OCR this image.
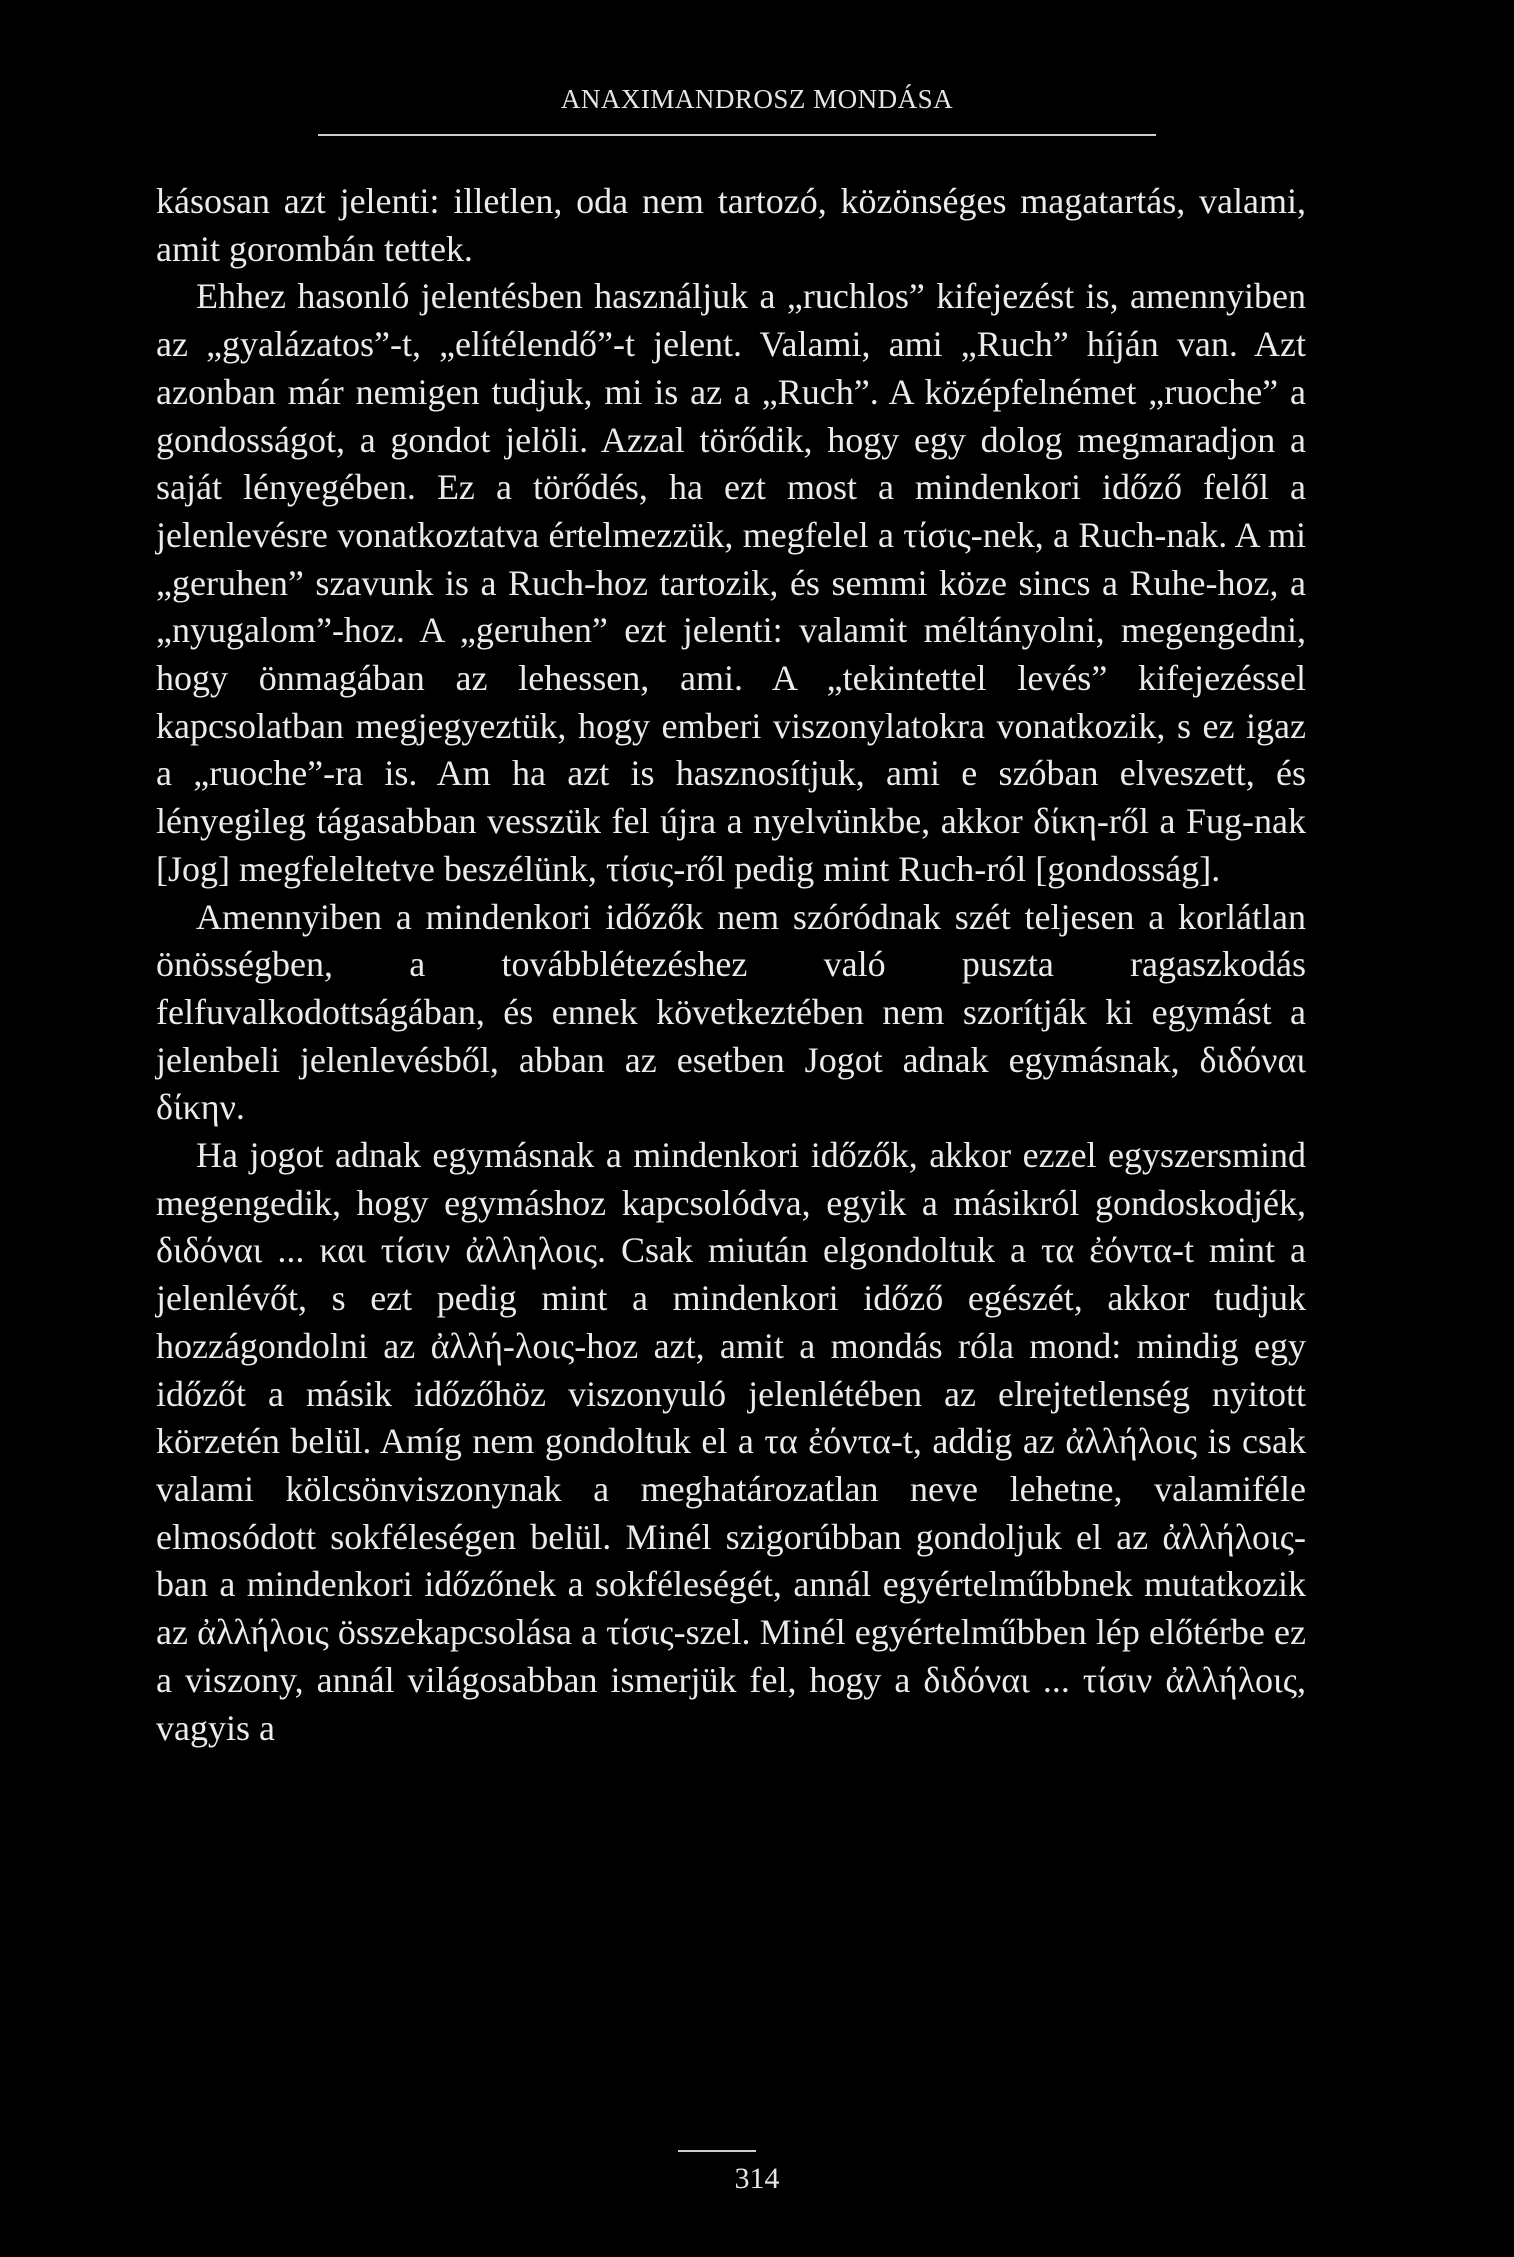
ANAXIMANDROSZ MONDÁSA

kásosan azt jelenti: illetlen, oda nem tartozó, közönséges magatartás, valami, amit gorombán tettek.

Ehhez hasonló jelentésben használjuk a „ruchlos” kifejezést is, amennyiben az „gyalázatos”-t, „elítélendő”-t jelent. Valami, ami „Ruch” híján van. Azt azonban már nemigen tudjuk, mi is az a „Ruch”. A középfelnémet „ruoche” a gondosságot, a gondot jelöli. Azzal törődik, hogy egy dolog megmaradjon a saját lényegében. Ez a törődés, ha ezt most a mindenkori időző felől a jelenlevésre vonatkoztatva értelmezzük, megfelel a τίσις-nek, a Ruch-nak. A mi „geruhen” szavunk is a Ruch-hoz tartozik, és semmi köze sincs a Ruhe-hoz, a „nyugalom”-hoz. A „geruhen” ezt jelenti: valamit méltányolni, megengedni, hogy önmagában az lehessen, ami. A „tekintettel levés” kifejezéssel kapcsolatban megjegyeztük, hogy emberi viszonylatokra vonatkozik, s ez igaz a „ruoche”-ra is. Am ha azt is hasznosítjuk, ami e szóban elveszett, és lényegileg tágasabban vesszük fel újra a nyelvünkbe, akkor δίκη-ről a Fug-nak [Jog] megfeleltetve beszélünk, τίσις-ről pedig mint Ruch-ról [gondosság].

Amennyiben a mindenkori időzők nem szóródnak szét teljesen a korlátlan önösségben, a továbblétezéshez való puszta ragaszkodás felfuvalkodottságában, és ennek következtében nem szorítják ki egymást a jelenbeli jelenlevésből, abban az esetben Jogot adnak egymásnak, διδόναι δίκην.

Ha jogot adnak egymásnak a mindenkori időzők, akkor ezzel egyszersmind megengedik, hogy egymáshoz kapcsolódva, egyik a másikról gondoskodjék, διδόναι ... και τίσιν ἀλληλοις. Csak miután elgondoltuk a τα ἐόντα-t mint a jelenlévőt, s ezt pedig mint a mindenkori időző egészét, akkor tudjuk hozzágondolni az ἀλλή-λοις-hoz azt, amit a mondás róla mond: mindig egy időzőt a másik időzőhöz viszonyuló jelenlétében az elrejtetlenség nyitott körzetén belül. Amíg nem gondoltuk el a τα ἐόντα-t, addig az ἀλλήλοις is csak valami kölcsönviszonynak a meghatározatlan neve lehetne, valamiféle elmosódott sokféleségen belül. Minél szigorúbban gondoljuk el az ἀλλήλοις-ban a mindenkori időzőnek a sokféleségét, annál egyértelműbbnek mutatkozik az ἀλλήλοις összekapcsolása a τίσις-szel. Minél egyértelműbben lép előtérbe ez a viszony, annál világosabban ismerjük fel, hogy a διδόναι ... τίσιν ἀλλήλοις, vagyis a

314
